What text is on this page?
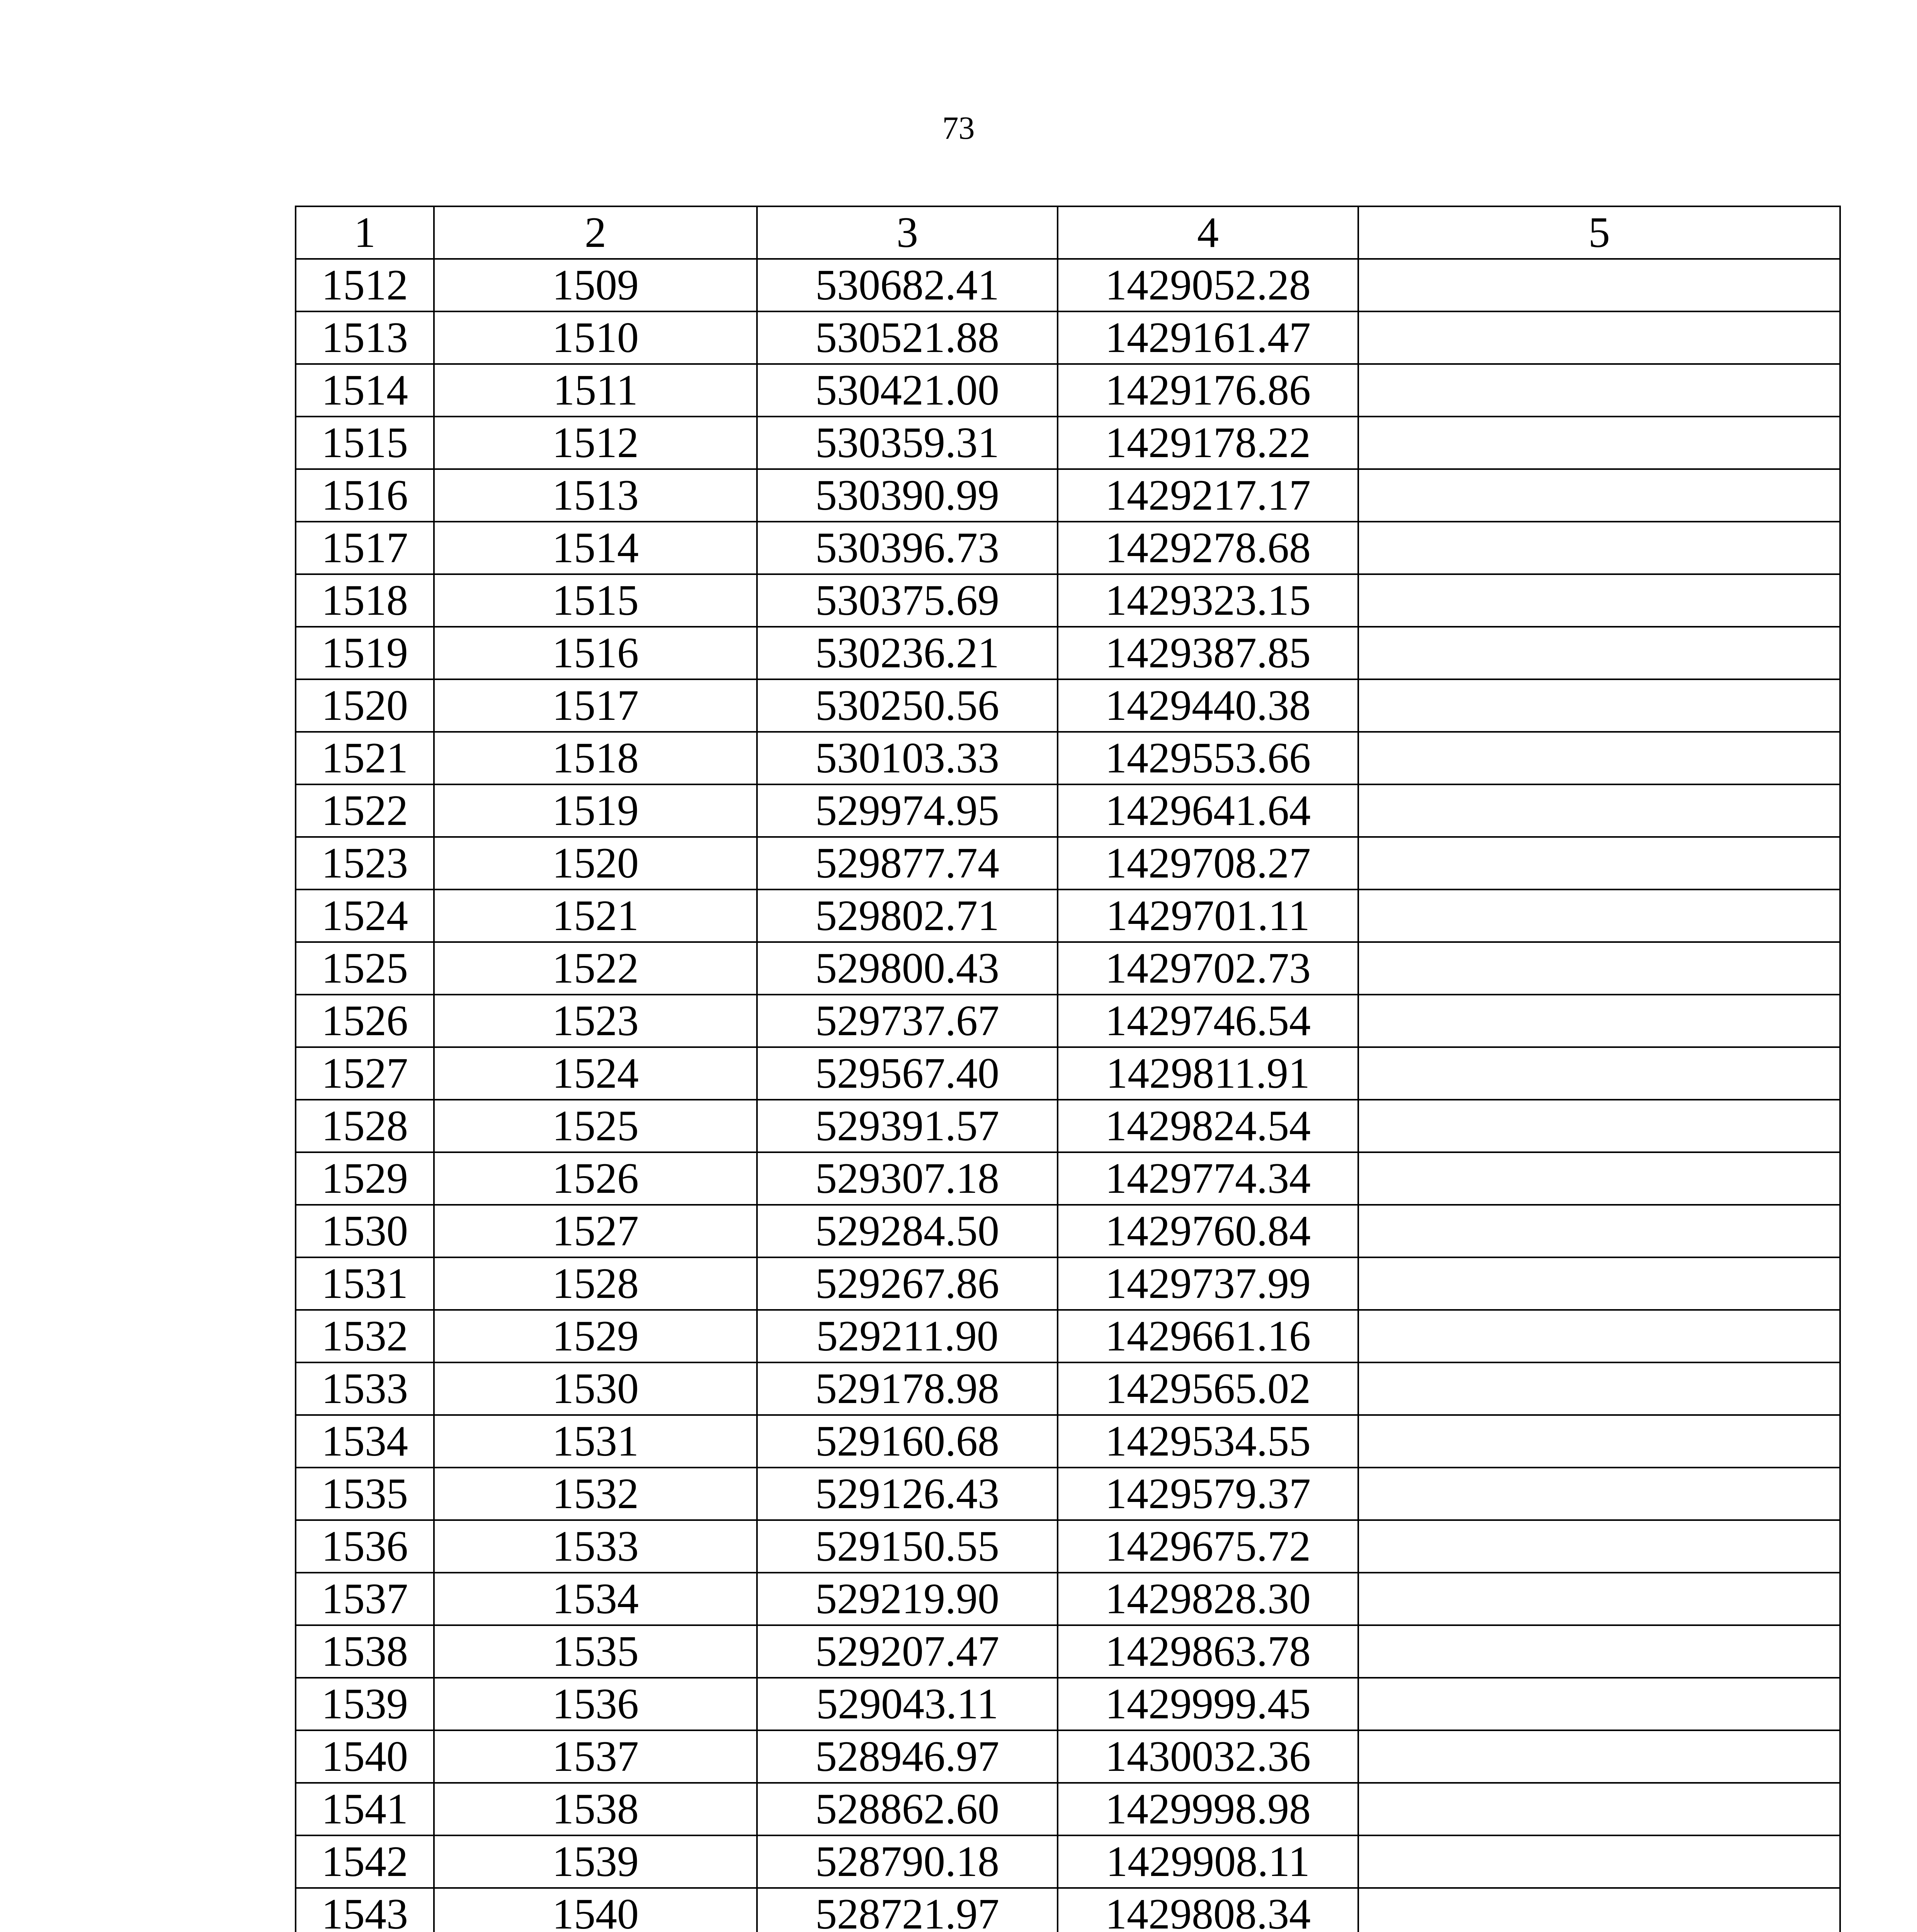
73
1	2	3	4	5
1512	1509	530682.41	1429052.28	
1513	1510	530521.88	1429161.47	
1514	1511	530421.00	1429176.86	
1515	1512	530359.31	1429178.22	
1516	1513	530390.99	1429217.17	
1517	1514	530396.73	1429278.68	
1518	1515	530375.69	1429323.15	
1519	1516	530236.21	1429387.85	
1520	1517	530250.56	1429440.38	
1521	1518	530103.33	1429553.66	
1522	1519	529974.95	1429641.64	
1523	1520	529877.74	1429708.27	
1524	1521	529802.71	1429701.11	
1525	1522	529800.43	1429702.73	
1526	1523	529737.67	1429746.54	
1527	1524	529567.40	1429811.91	
1528	1525	529391.57	1429824.54	
1529	1526	529307.18	1429774.34	
1530	1527	529284.50	1429760.84	
1531	1528	529267.86	1429737.99	
1532	1529	529211.90	1429661.16	
1533	1530	529178.98	1429565.02	
1534	1531	529160.68	1429534.55	
1535	1532	529126.43	1429579.37	
1536	1533	529150.55	1429675.72	
1537	1534	529219.90	1429828.30	
1538	1535	529207.47	1429863.78	
1539	1536	529043.11	1429999.45	
1540	1537	528946.97	1430032.36	
1541	1538	528862.60	1429998.98	
1542	1539	528790.18	1429908.11	
1543	1540	528721.97	1429808.34	
